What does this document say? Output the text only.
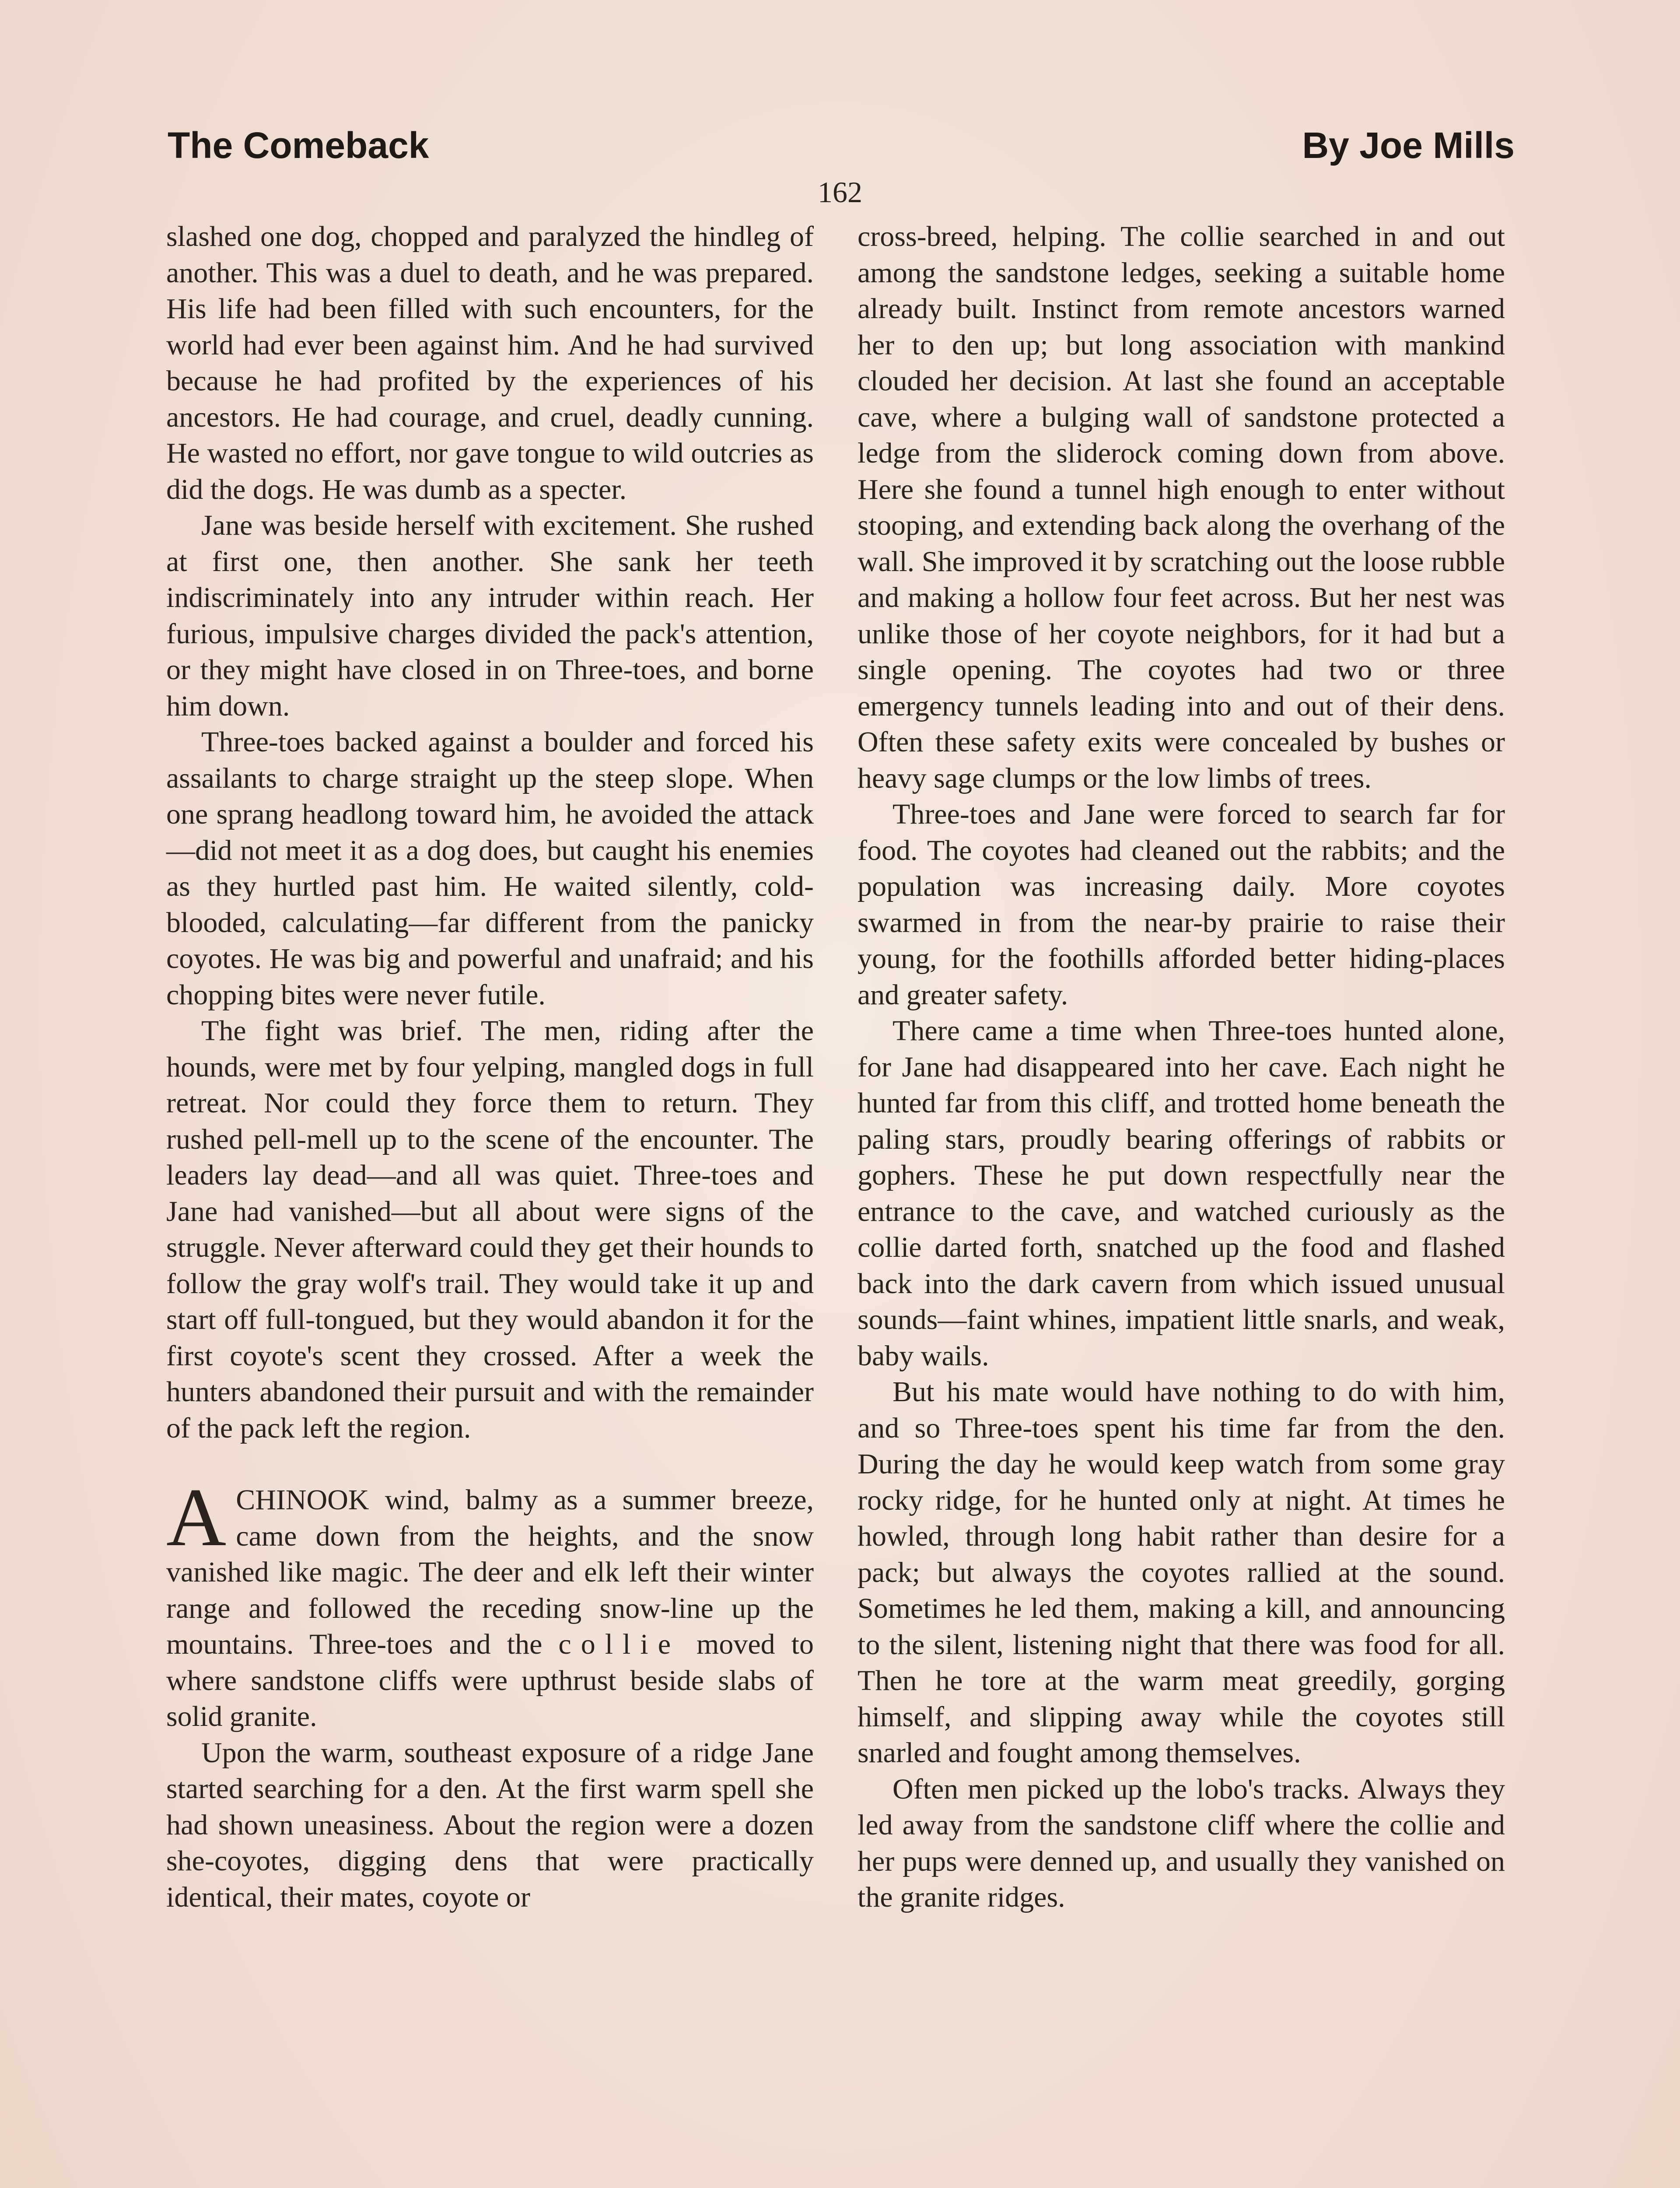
The Comeback	By Joe Mills
162

slashed one dog, chopped and paralyzed the hindleg of another. This was a duel to death, and he was prepared. His life had been filled with such encounters, for the world had ever been against him. And he had survived because he had profited by the experiences of his ancestors. He had courage, and cruel, deadly cunning. He wasted no effort, nor gave tongue to wild outcries as did the dogs. He was dumb as a specter.

Jane was beside herself with excitement. She rushed at first one, then another. She sank her teeth indiscriminately into any intruder within reach. Her furious, impulsive charges divided the pack's attention, or they might have closed in on Three-toes, and borne him down.

Three-toes backed against a boulder and forced his assailants to charge straight up the steep slope. When one sprang headlong toward him, he avoided the attack—did not meet it as a dog does, but caught his enemies as they hurtled past him. He waited silently, cold-blooded, calculating—far different from the panicky coyotes. He was big and powerful and unafraid; and his chopping bites were never futile.

The fight was brief. The men, riding after the hounds, were met by four yelping, mangled dogs in full retreat. Nor could they force them to return. They rushed pell-mell up to the scene of the encounter. The leaders lay dead—and all was quiet. Three-toes and Jane had vanished—but all about were signs of the struggle. Never afterward could they get their hounds to follow the gray wolf's trail. They would take it up and start off full-tongued, but they would abandon it for the first coyote's scent they crossed. After a week the hunters abandoned their pursuit and with the remainder of the pack left the region.

ACHINOOK wind, balmy as a summer breeze, came down from the heights, and the snow vanished like magic. The deer and elk left their winter range and followed the receding snow-line up the mountains. Three-toes and the collie moved to where sandstone cliffs were upthrust beside slabs of solid granite.

Upon the warm, southeast exposure of a ridge Jane started searching for a den. At the first warm spell she had shown uneasiness. About the region were a dozen she-coyotes, digging dens that were practically identical, their mates, coyote or

cross-breed, helping. The collie searched in and out among the sandstone ledges, seeking a suitable home already built. Instinct from remote ancestors warned her to den up; but long association with mankind clouded her decision. At last she found an acceptable cave, where a bulging wall of sandstone protected a ledge from the sliderock coming down from above. Here she found a tunnel high enough to enter without stooping, and extending back along the overhang of the wall. She improved it by scratching out the loose rubble and making a hollow four feet across. But her nest was unlike those of her coyote neighbors, for it had but a single opening. The coyotes had two or three emergency tunnels leading into and out of their dens. Often these safety exits were concealed by bushes or heavy sage clumps or the low limbs of trees.

Three-toes and Jane were forced to search far for food. The coyotes had cleaned out the rabbits; and the population was increasing daily. More coyotes swarmed in from the near-by prairie to raise their young, for the foothills afforded better hiding-places and greater safety.

There came a time when Three-toes hunted alone, for Jane had disappeared into her cave. Each night he hunted far from this cliff, and trotted home beneath the paling stars, proudly bearing offerings of rabbits or gophers. These he put down respectfully near the entrance to the cave, and watched curiously as the collie darted forth, snatched up the food and flashed back into the dark cavern from which issued unusual sounds—faint whines, impatient little snarls, and weak, baby wails.

But his mate would have nothing to do with him, and so Three-toes spent his time far from the den. During the day he would keep watch from some gray rocky ridge, for he hunted only at night. At times he howled, through long habit rather than desire for a pack; but always the coyotes rallied at the sound. Sometimes he led them, making a kill, and announcing to the silent, listening night that there was food for all. Then he tore at the warm meat greedily, gorging himself, and slipping away while the coyotes still snarled and fought among themselves.

Often men picked up the lobo's tracks. Always they led away from the sandstone cliff where the collie and her pups were denned up, and usually they vanished on the granite ridges.
